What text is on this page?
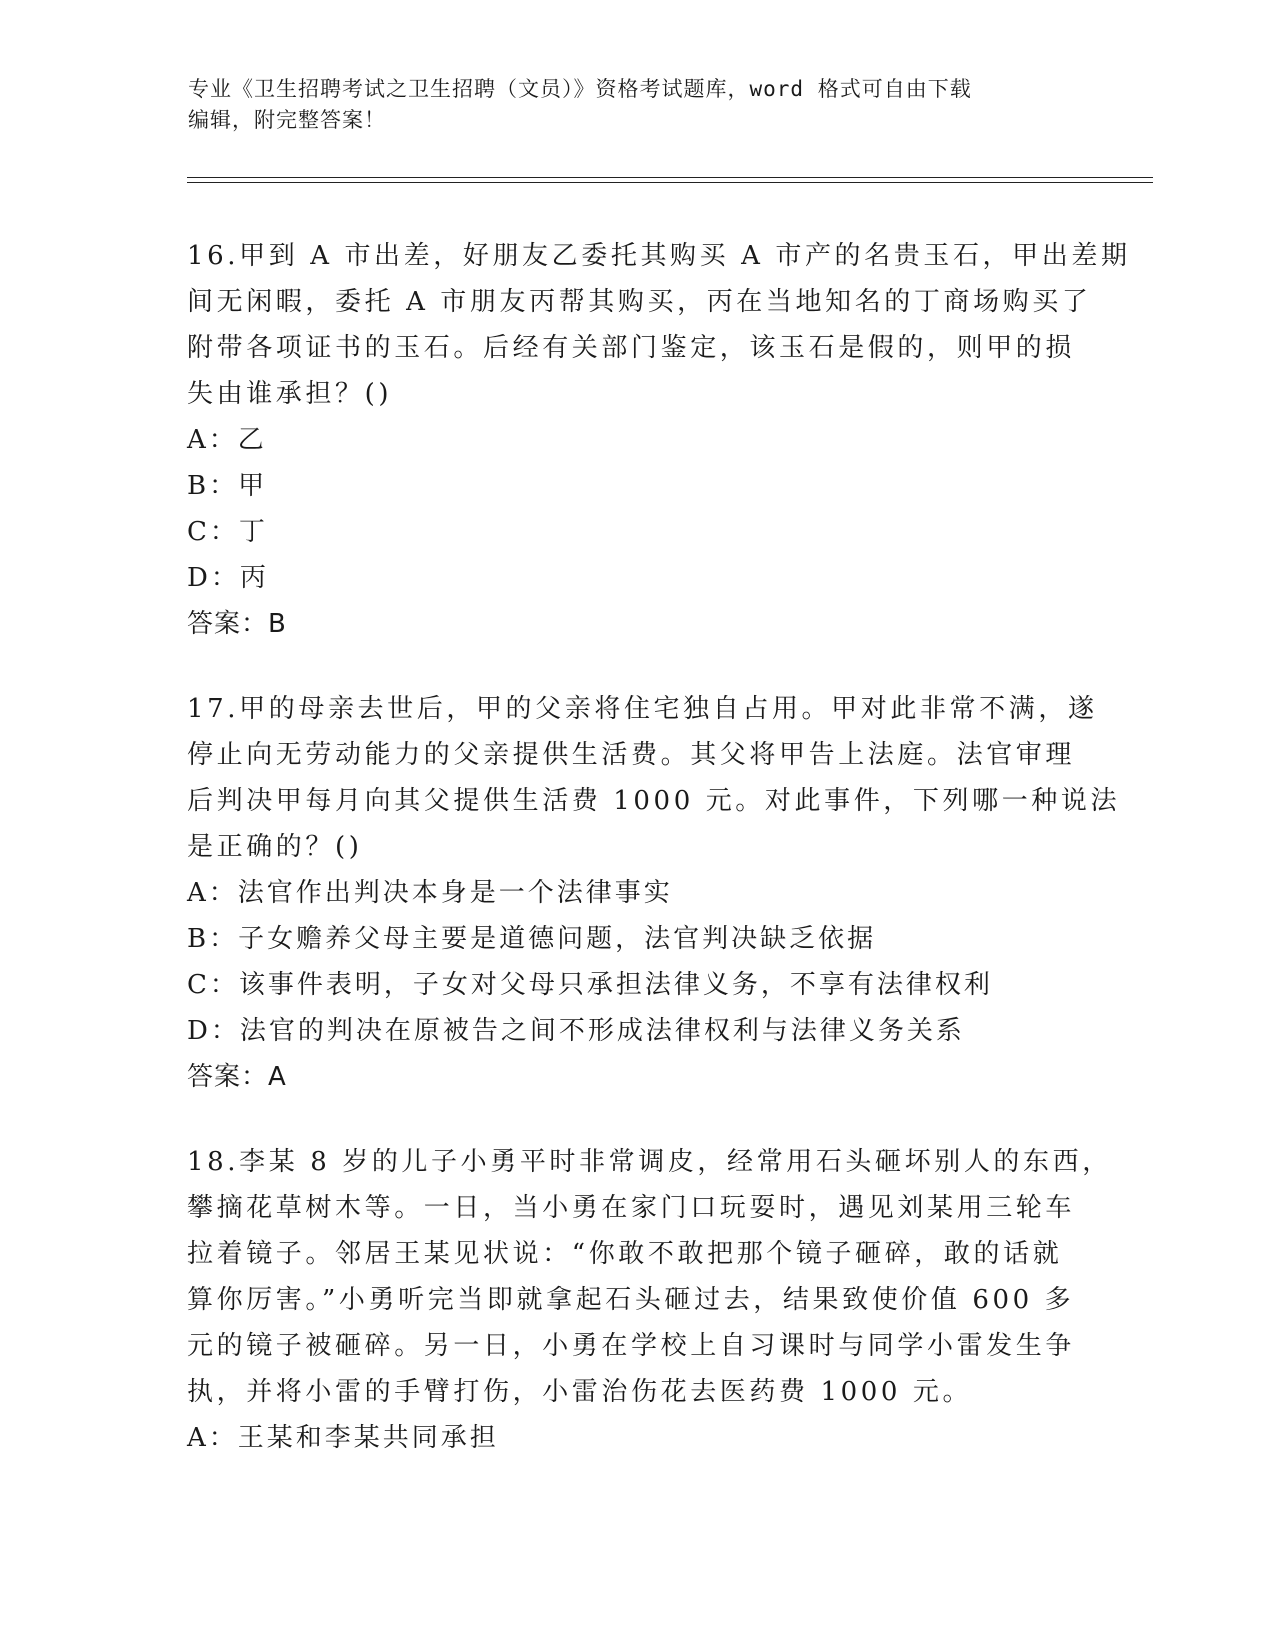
专业《卫生招聘考试之卫生招聘（文员）》资格考试题库，word 格式可自由下载

编辑，附完整答案！

16.甲到 A 市出差，好朋友乙委托其购买 A 市产的名贵玉石，甲出差期

间无闲暇，委托 A 市朋友丙帮其购买，丙在当地知名的丁商场购买了

附带各项证书的玉石。后经有关部门鉴定，该玉石是假的，则甲的损

失由谁承担？()

A：乙

B：甲

C：丁

D：丙

答案：B

17.甲的母亲去世后，甲的父亲将住宅独自占用。甲对此非常不满，遂

停止向无劳动能力的父亲提供生活费。其父将甲告上法庭。法官审理

后判决甲每月向其父提供生活费 1000 元。对此事件，下列哪一种说法

是正确的？()

A：法官作出判决本身是一个法律事实

B：子女赡养父母主要是道德问题，法官判决缺乏依据

C：该事件表明，子女对父母只承担法律义务，不享有法律权利

D：法官的判决在原被告之间不形成法律权利与法律义务关系

答案：A

18.李某 8 岁的儿子小勇平时非常调皮，经常用石头砸坏别人的东西，

攀摘花草树木等。一日，当小勇在家门口玩耍时，遇见刘某用三轮车

拉着镜子。邻居王某见状说：“你敢不敢把那个镜子砸碎，敢的话就

算你厉害。”小勇听完当即就拿起石头砸过去，结果致使价值 600 多

元的镜子被砸碎。另一日，小勇在学校上自习课时与同学小雷发生争

执，并将小雷的手臂打伤，小雷治伤花去医药费 1000 元。

A：王某和李某共同承担
